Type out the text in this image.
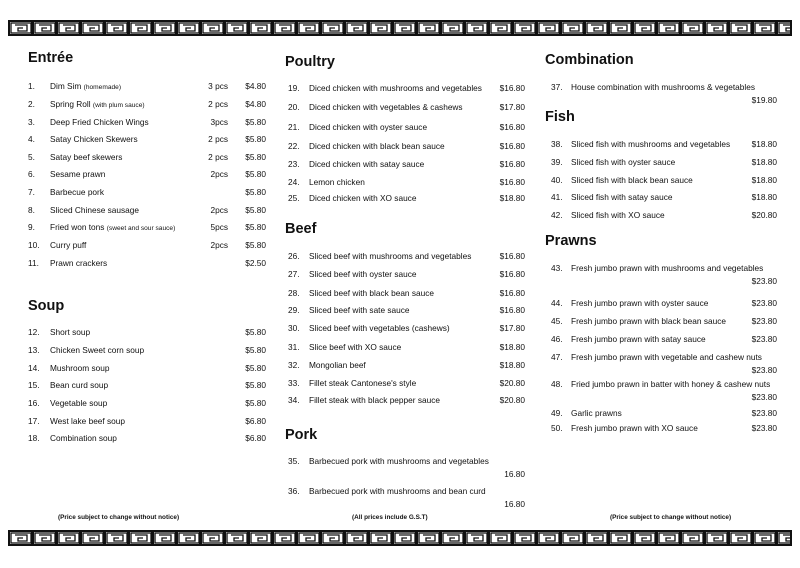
Entrée
1. Dim Sim (homemade)	3 pcs $4.80
2. Spring Roll (with plum sauce)	2 pcs $4.80
3. Deep Fried Chicken Wings	3pcs $5.80
4. Satay Chicken Skewers	2 pcs $5.80
5. Satay beef skewers	2 pcs $5.80
6. Sesame prawn	2pcs $5.80
7. Barbecue pork	$5.80
8. Sliced Chinese sausage	2pcs $5.80
9. Fried won tons (sweet and sour sauce)	5pcs $5.80
10. Curry puff	2pcs $5.80
11. Prawn crackers	$2.50
Soup
12. Short soup	$5.80
13. Chicken Sweet corn soup	$5.80
14. Mushroom soup	$5.80
15. Bean curd soup	$5.80
16. Vegetable soup	$5.80
17. West lake beef soup	$6.80
18. Combination soup	$6.80
Poultry
19. Diced chicken with mushrooms and vegetables $16.80
20. Diced chicken with vegetables & cashews	$17.80
21. Diced chicken with oyster sauce	$16.80
22. Diced chicken with black bean sauce	$16.80
23. Diced chicken with satay sauce	$16.80
24. Lemon chicken	$16.80
25. Diced chicken with XO sauce	$18.80
Beef
26. Sliced beef with mushrooms and vegetables	$16.80
27. Sliced beef with oyster sauce	$16.80
28. Sliced beef with black bean sauce	$16.80
29. Sliced beef with sate sauce	$16.80
30. Sliced beef with vegetables (cashews)	$17.80
31. Slice beef with XO sauce	$18.80
32. Mongolian beef	$18.80
33. Fillet steak Cantonese's style	$20.80
34. Fillet steak with black pepper sauce	$20.80
Pork
35. Barbecued pork with mushrooms and vegetables
16.80
36. Barbecued pork with mushrooms and bean curd
16.80
Combination
37. House combination with mushrooms & vegetables
$19.80
Fish
38. Sliced fish with mushrooms and vegetables	$18.80
39. Sliced fish with oyster sauce	$18.80
40. Sliced fish with black bean sauce	$18.80
41. Sliced fish with satay sauce	$18.80
42. Sliced fish with XO sauce	$20.80
Prawns
43. Fresh jumbo prawn with mushrooms and vegetables
$23.80
44. Fresh jumbo prawn with oyster sauce	$23.80
45. Fresh jumbo prawn with black bean sauce	$23.80
46. Fresh jumbo prawn with satay sauce	$23.80
47. Fresh jumbo prawn with vegetable and cashew nuts
$23.80
48. Fried jumbo prawn in batter with honey & cashew nuts
$23.80
49. Garlic prawns	$23.80
50. Fresh jumbo prawn with XO sauce	$23.80
(Price subject to change without notice)	(All prices include G.S.T)	(Price subject to change without notice)
